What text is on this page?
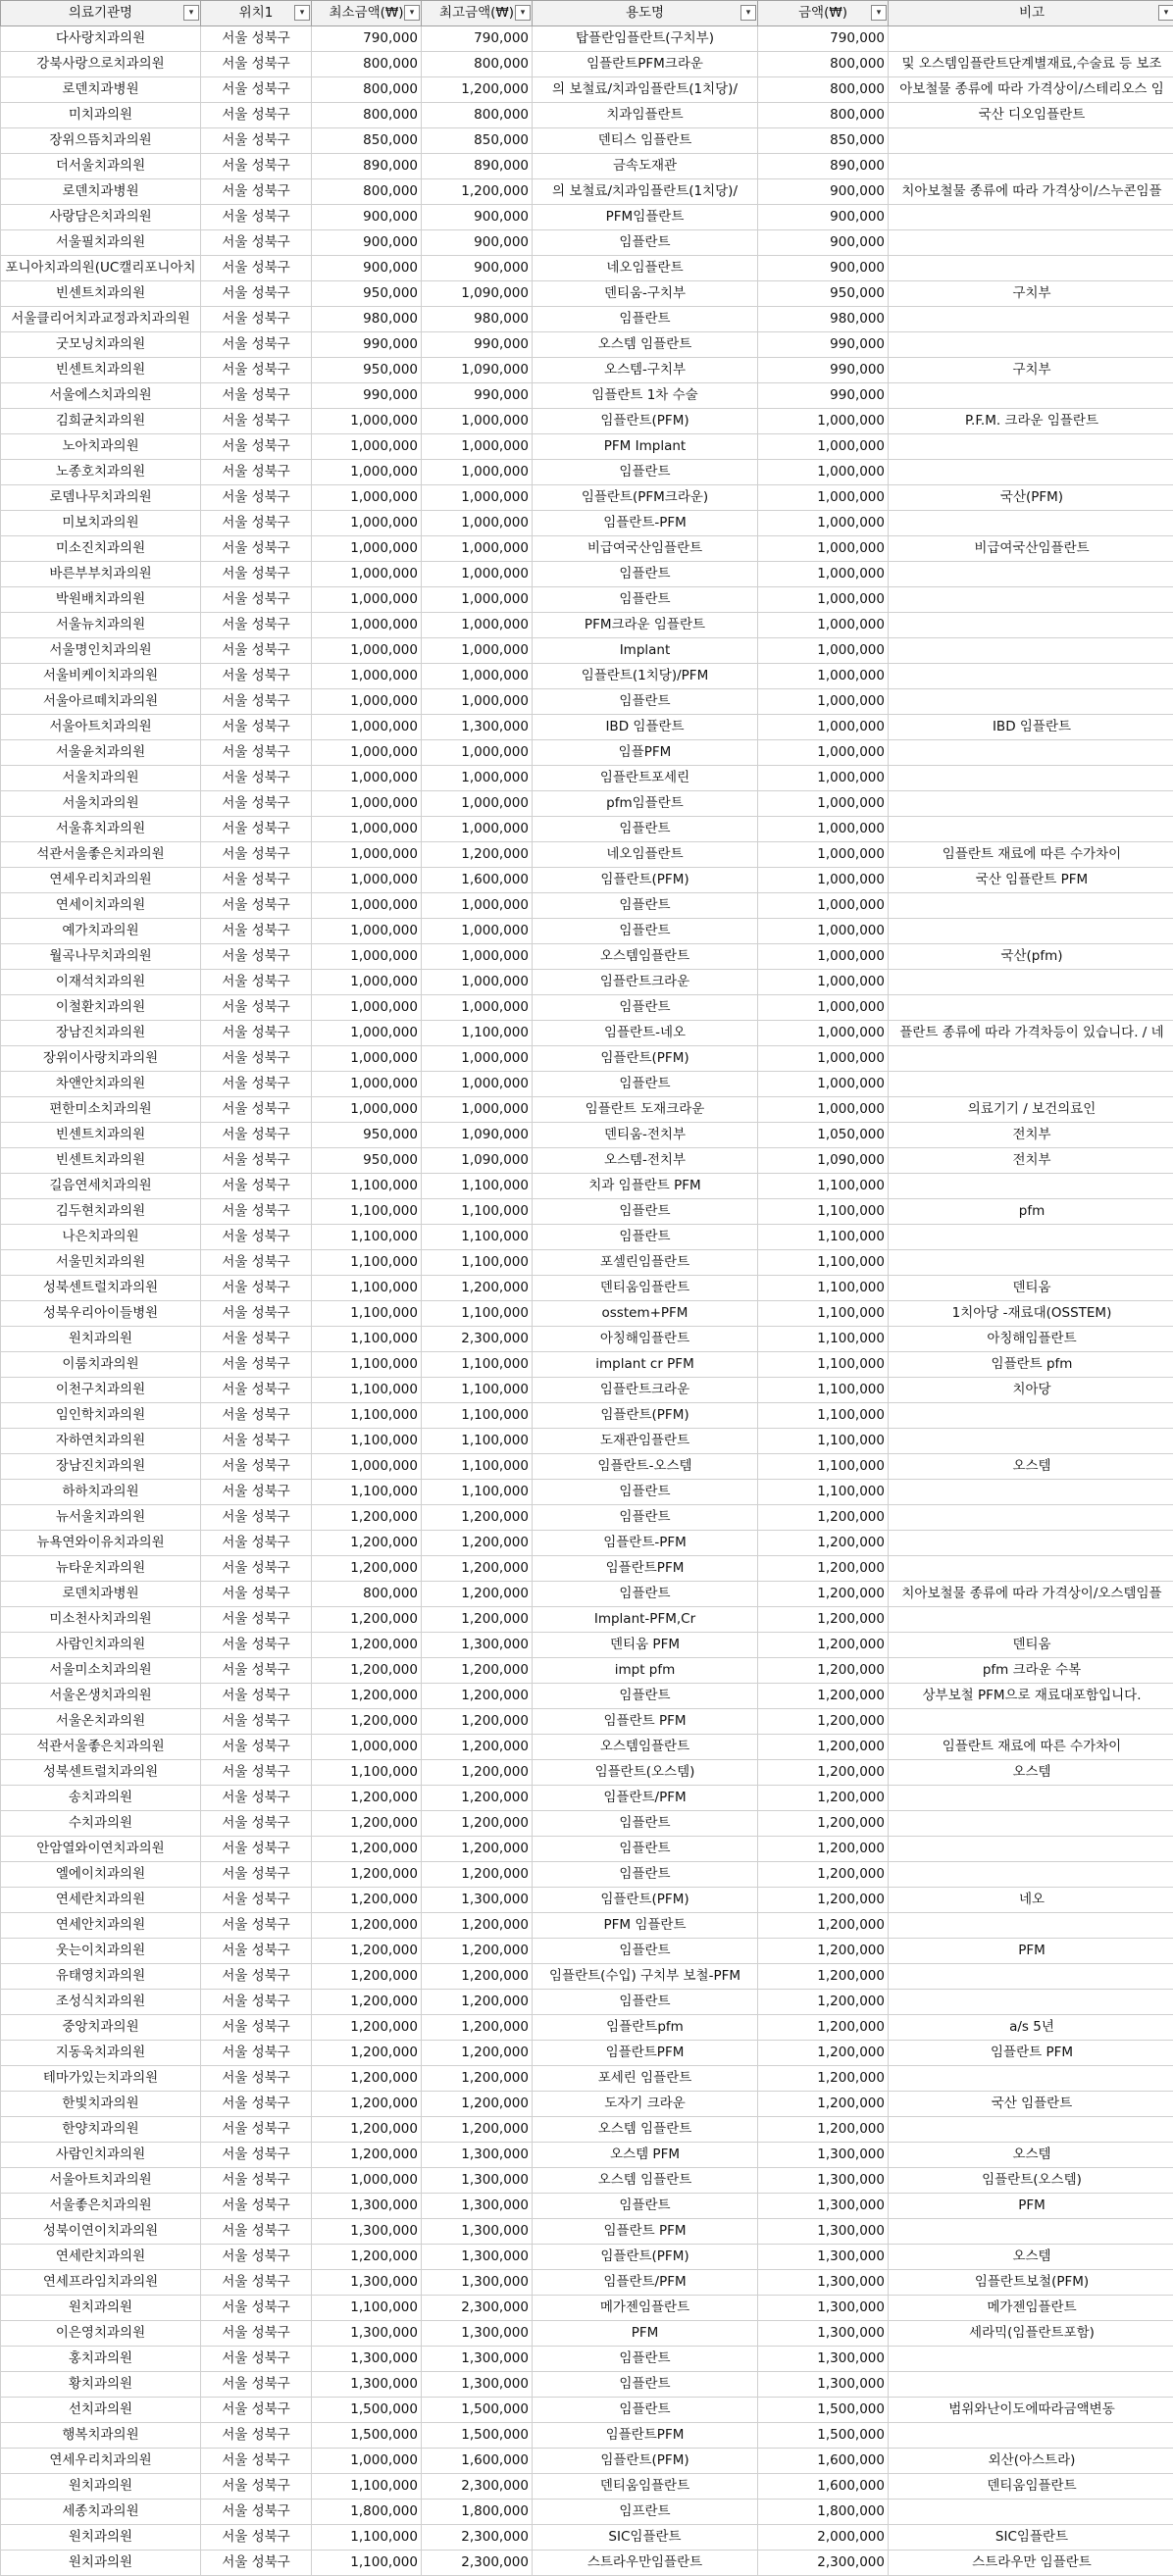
의료기관명 ▾	위치1 ▾	최소금액(₩) ▾	최고금액(₩) ▾	용도명 ▾	금액(₩) ▾	비고 ▾

다사랑치과의원	서울 성북구	790,000	790,000	탑플란임플란트(구치부)	790,000	
강북사랑으로치과의원	서울 성북구	800,000	800,000	임플란트PFM크라운	800,000	및 오스템임플란트단계별재료,수술료 등 보조
로덴치과병원	서울 성북구	800,000	1,200,000	의 보철료/치과임플란트(1치당)/	800,000	아보철물 종류에 따라 가격상이/스테리오스 임
미치과의원	서울 성북구	800,000	800,000	치과임플란트	800,000	국산 디오임플란트
장위으뜸치과의원	서울 성북구	850,000	850,000	덴티스 임플란트	850,000	
더서울치과의원	서울 성북구	890,000	890,000	금속도재관	890,000	
로덴치과병원	서울 성북구	800,000	1,200,000	의 보철료/치과임플란트(1치당)/	900,000	치아보철물 종류에 따라 가격상이/스누콘임플
사랑담은치과의원	서울 성북구	900,000	900,000	PFM임플란트	900,000	
서울필치과의원	서울 성북구	900,000	900,000	임플란트	900,000	
포니아치과의원(UC캘리포니아치	서울 성북구	900,000	900,000	네오임플란트	900,000	
빈센트치과의원	서울 성북구	950,000	1,090,000	덴티움-구치부	950,000	구치부
서울클리어치과교정과치과의원	서울 성북구	980,000	980,000	임플란트	980,000	
굿모닝치과의원	서울 성북구	990,000	990,000	오스템 임플란트	990,000	
빈센트치과의원	서울 성북구	950,000	1,090,000	오스템-구치부	990,000	구치부
서울에스치과의원	서울 성북구	990,000	990,000	임플란트 1차 수술	990,000	
김희균치과의원	서울 성북구	1,000,000	1,000,000	임플란트(PFM)	1,000,000	P.F.M. 크라운 임플란트
노아치과의원	서울 성북구	1,000,000	1,000,000	PFM Implant	1,000,000	
노종호치과의원	서울 성북구	1,000,000	1,000,000	임플란트	1,000,000	
로뎀나무치과의원	서울 성북구	1,000,000	1,000,000	임플란트(PFM크라운)	1,000,000	국산(PFM)
미보치과의원	서울 성북구	1,000,000	1,000,000	임플란트-PFM	1,000,000	
미소진치과의원	서울 성북구	1,000,000	1,000,000	비급여국산임플란트	1,000,000	비급여국산임플란트
바른부부치과의원	서울 성북구	1,000,000	1,000,000	임플란트	1,000,000	
박원배치과의원	서울 성북구	1,000,000	1,000,000	임플란트	1,000,000	
서울뉴치과의원	서울 성북구	1,000,000	1,000,000	PFM크라운 임플란트	1,000,000	
서울명인치과의원	서울 성북구	1,000,000	1,000,000	Implant	1,000,000	
서울비케이치과의원	서울 성북구	1,000,000	1,000,000	임플란트(1치당)/PFM	1,000,000	
서울아르떼치과의원	서울 성북구	1,000,000	1,000,000	임플란트	1,000,000	
서울아트치과의원	서울 성북구	1,000,000	1,300,000	IBD 임플란트	1,000,000	IBD 임플란트
서울윤치과의원	서울 성북구	1,000,000	1,000,000	임플PFM	1,000,000	
서울치과의원	서울 성북구	1,000,000	1,000,000	임플란트포세린	1,000,000	
서울치과의원	서울 성북구	1,000,000	1,000,000	pfm임플란트	1,000,000	
서울휴치과의원	서울 성북구	1,000,000	1,000,000	임플란트	1,000,000	
석관서울좋은치과의원	서울 성북구	1,000,000	1,200,000	네오임플란트	1,000,000	임플란트 재료에 따른 수가차이
연세우리치과의원	서울 성북구	1,000,000	1,600,000	임플란트(PFM)	1,000,000	국산 임플란트 PFM
연세이치과의원	서울 성북구	1,000,000	1,000,000	임플란트	1,000,000	
예가치과의원	서울 성북구	1,000,000	1,000,000	임플란트	1,000,000	
월곡나무치과의원	서울 성북구	1,000,000	1,000,000	오스템임플란트	1,000,000	국산(pfm)
이재석치과의원	서울 성북구	1,000,000	1,000,000	임플란트크라운	1,000,000	
이철환치과의원	서울 성북구	1,000,000	1,000,000	임플란트	1,000,000	
장남진치과의원	서울 성북구	1,000,000	1,100,000	임플란트-네오	1,000,000	플란트 종류에 따라 가격차등이 있습니다. / 네
장위이사랑치과의원	서울 성북구	1,000,000	1,000,000	임플란트(PFM)	1,000,000	
차앤안치과의원	서울 성북구	1,000,000	1,000,000	임플란트	1,000,000	
편한미소치과의원	서울 성북구	1,000,000	1,000,000	임플란트 도재크라운	1,000,000	의료기기 / 보건의료인
빈센트치과의원	서울 성북구	950,000	1,090,000	덴티움-전치부	1,050,000	전치부
빈센트치과의원	서울 성북구	950,000	1,090,000	오스템-전치부	1,090,000	전치부
길음연세치과의원	서울 성북구	1,100,000	1,100,000	치과 임플란트 PFM	1,100,000	
김두현치과의원	서울 성북구	1,100,000	1,100,000	임플란트	1,100,000	pfm
나은치과의원	서울 성북구	1,100,000	1,100,000	임플란트	1,100,000	
서울민치과의원	서울 성북구	1,100,000	1,100,000	포셀린임플란트	1,100,000	
성북센트럴치과의원	서울 성북구	1,100,000	1,200,000	덴티움임플란트	1,100,000	덴티움
성북우리아이들병원	서울 성북구	1,100,000	1,100,000	osstem+PFM	1,100,000	1치아당 -재료대(OSSTEM)
원치과의원	서울 성북구	1,100,000	2,300,000	아칭해임플란트	1,100,000	아칭해임플란트
이룸치과의원	서울 성북구	1,100,000	1,100,000	implant cr PFM	1,100,000	임플란트 pfm
이천구치과의원	서울 성북구	1,100,000	1,100,000	임플란트크라운	1,100,000	치아당
임인학치과의원	서울 성북구	1,100,000	1,100,000	임플란트(PFM)	1,100,000	
자하연치과의원	서울 성북구	1,100,000	1,100,000	도재관임플란트	1,100,000	
장남진치과의원	서울 성북구	1,000,000	1,100,000	임플란트-오스템	1,100,000	오스템
하하치과의원	서울 성북구	1,100,000	1,100,000	임플란트	1,100,000	
뉴서울치과의원	서울 성북구	1,200,000	1,200,000	임플란트	1,200,000	
뉴욕연와이유치과의원	서울 성북구	1,200,000	1,200,000	임플란트-PFM	1,200,000	
뉴타운치과의원	서울 성북구	1,200,000	1,200,000	임플란트PFM	1,200,000	
로덴치과병원	서울 성북구	800,000	1,200,000	임플란트	1,200,000	치아보철물 종류에 따라 가격상이/오스템임플
미소천사치과의원	서울 성북구	1,200,000	1,200,000	Implant-PFM,Cr	1,200,000	
사람인치과의원	서울 성북구	1,200,000	1,300,000	덴티움 PFM	1,200,000	덴티움
서울미소치과의원	서울 성북구	1,200,000	1,200,000	impt pfm	1,200,000	pfm 크라운 수복
서울온생치과의원	서울 성북구	1,200,000	1,200,000	임플란트	1,200,000	상부보철 PFM으로 재료대포함입니다.
서울온치과의원	서울 성북구	1,200,000	1,200,000	임플란트 PFM	1,200,000	
석관서울좋은치과의원	서울 성북구	1,000,000	1,200,000	오스템임플란트	1,200,000	임플란트 재료에 따른 수가차이
성북센트럴치과의원	서울 성북구	1,100,000	1,200,000	임플란트(오스템)	1,200,000	오스템
송치과의원	서울 성북구	1,200,000	1,200,000	임플란트/PFM	1,200,000	
수치과의원	서울 성북구	1,200,000	1,200,000	임플란트	1,200,000	
안암열와이연치과의원	서울 성북구	1,200,000	1,200,000	임플란트	1,200,000	
엘에이치과의원	서울 성북구	1,200,000	1,200,000	임플란트	1,200,000	
연세란치과의원	서울 성북구	1,200,000	1,300,000	임플란트(PFM)	1,200,000	네오
연세안치과의원	서울 성북구	1,200,000	1,200,000	PFM 임플란트	1,200,000	
웃는이치과의원	서울 성북구	1,200,000	1,200,000	임플란트	1,200,000	PFM
유태영치과의원	서울 성북구	1,200,000	1,200,000	임플란트(수입) 구치부 보철-PFM	1,200,000	
조성식치과의원	서울 성북구	1,200,000	1,200,000	임플란트	1,200,000	
중앙치과의원	서울 성북구	1,200,000	1,200,000	임플란트pfm	1,200,000	a/s 5년
지동욱치과의원	서울 성북구	1,200,000	1,200,000	임플란트PFM	1,200,000	임플란트 PFM
테마가있는치과의원	서울 성북구	1,200,000	1,200,000	포세린 임플란트	1,200,000	
한빛치과의원	서울 성북구	1,200,000	1,200,000	도자기 크라운	1,200,000	국산 임플란트
한양치과의원	서울 성북구	1,200,000	1,200,000	오스템 임플란트	1,200,000	
사람인치과의원	서울 성북구	1,200,000	1,300,000	오스템 PFM	1,300,000	오스템
서울아트치과의원	서울 성북구	1,000,000	1,300,000	오스템 임플란트	1,300,000	임플란트(오스템)
서울좋은치과의원	서울 성북구	1,300,000	1,300,000	임플란트	1,300,000	PFM
성북이연이치과의원	서울 성북구	1,300,000	1,300,000	임플란트 PFM	1,300,000	
연세란치과의원	서울 성북구	1,200,000	1,300,000	임플란트(PFM)	1,300,000	오스템
연세프라임치과의원	서울 성북구	1,300,000	1,300,000	임플란트/PFM	1,300,000	임플란트보철(PFM)
원치과의원	서울 성북구	1,100,000	2,300,000	메가젠임플란트	1,300,000	메가젠임플란트
이은영치과의원	서울 성북구	1,300,000	1,300,000	PFM	1,300,000	세라믹(임플란트포함)
홍치과의원	서울 성북구	1,300,000	1,300,000	임플란트	1,300,000	
황치과의원	서울 성북구	1,300,000	1,300,000	임플란트	1,300,000	
선치과의원	서울 성북구	1,500,000	1,500,000	임플란트	1,500,000	범위와난이도에따라금액변동
행복치과의원	서울 성북구	1,500,000	1,500,000	임플란트PFM	1,500,000	
연세우리치과의원	서울 성북구	1,000,000	1,600,000	임플란트(PFM)	1,600,000	외산(아스트라)
원치과의원	서울 성북구	1,100,000	2,300,000	덴티움임플란트	1,600,000	덴티움임플란트
세종치과의원	서울 성북구	1,800,000	1,800,000	임프란트	1,800,000	
원치과의원	서울 성북구	1,100,000	2,300,000	SIC임플란트	2,000,000	SIC임플란트
원치과의원	서울 성북구	1,100,000	2,300,000	스트라우만임플란트	2,300,000	스트라우만 임플란트
